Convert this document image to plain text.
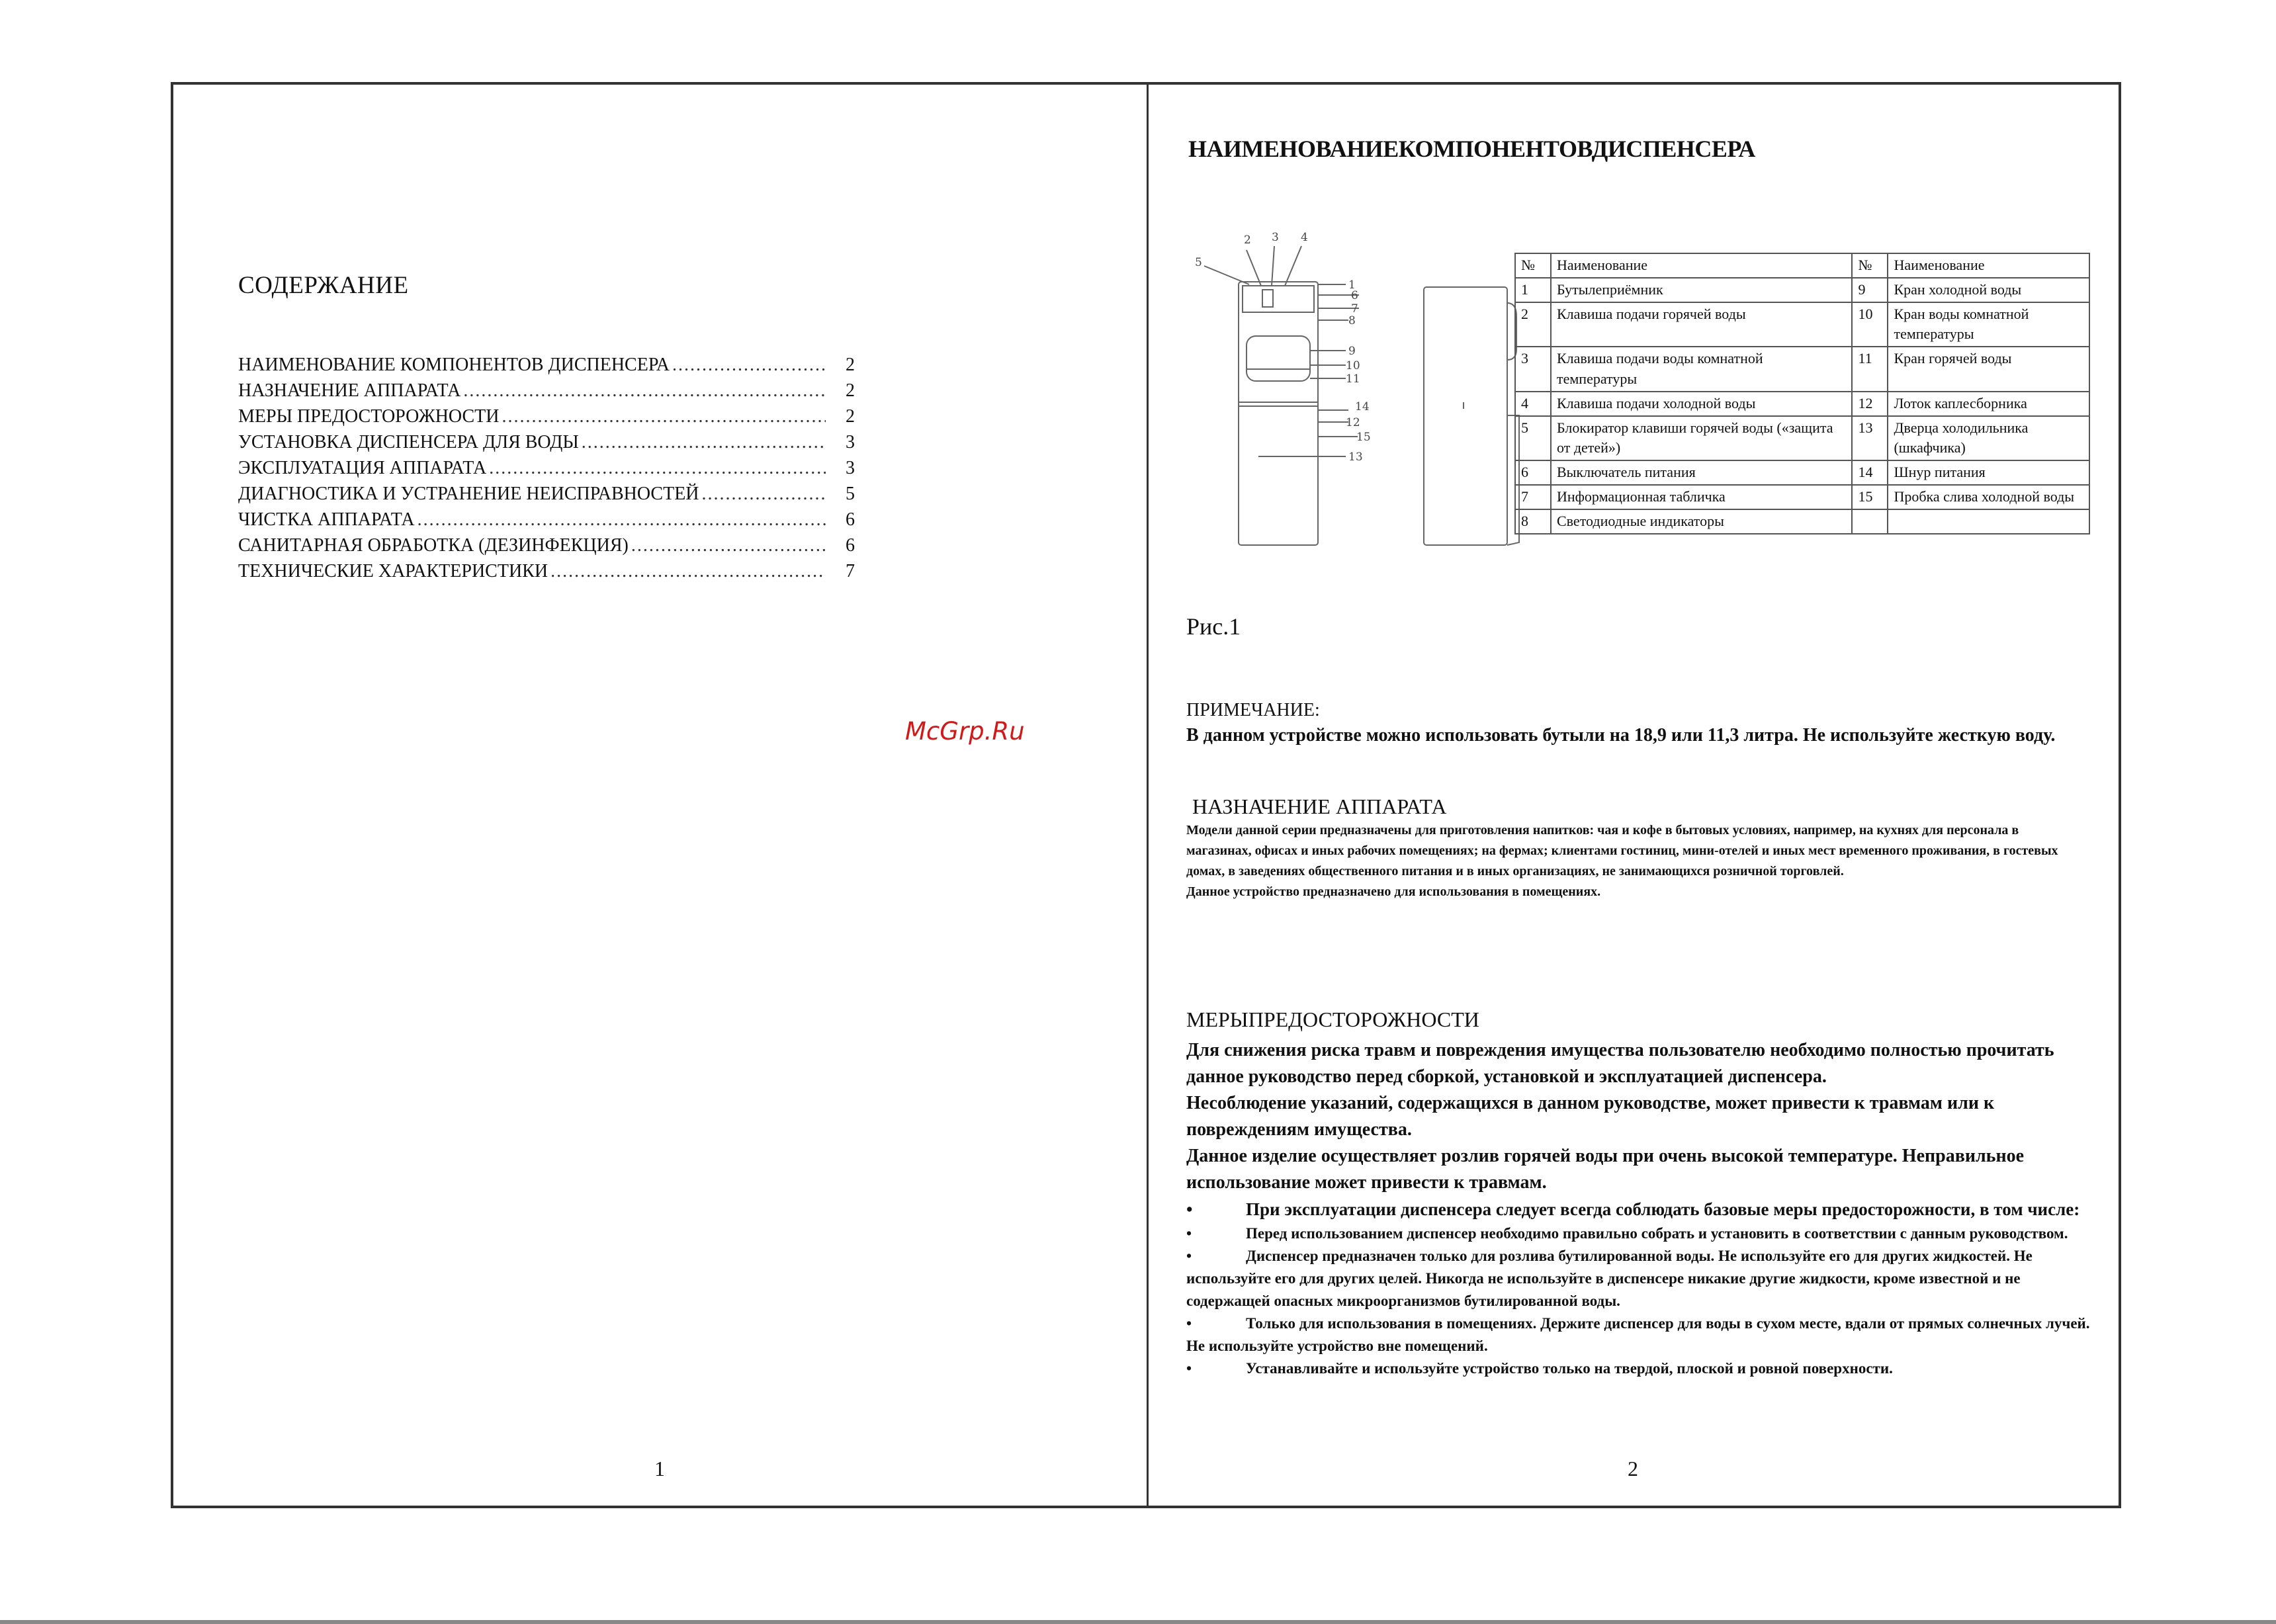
СОДЕРЖАНИЕ
НАИМЕНОВАНИЕ КОМПОНЕНТОВ ДИСПЕНСЕРА .....	2
НАЗНАЧЕНИЕ АППАРАТА .....	2
МЕРЫ ПРЕДОСТОРОЖНОСТИ .....	2
УСТАНОВКА ДИСПЕНСЕРА ДЛЯ ВОДЫ .....	3
ЭКСПЛУАТАЦИЯ АППАРАТА .....	3
ДИАГНОСТИКА И УСТРАНЕНИЕ НЕИСПРАВНОСТЕЙ .....	5
ЧИСТКА АППАРАТА .....	6
САНИТАРНАЯ ОБРАБОТКА (ДЕЗИНФЕКЦИЯ) .....	6
ТЕХНИЧЕСКИЕ ХАРАКТЕРИСТИКИ .....	7
1
НАИМЕНОВАНИЕКОМПОНЕНТОВДИСПЕНСЕРА
2 3 4
5
1
6
7
8
9
10
11
14
12
15
13
№	Наименование	№	Наименование
1	Бутылеприёмник	9	Кран холодной воды
2	Клавиша подачи горячей воды	10	Кран воды комнатной температуры
3	Клавиша подачи воды комнатной температуры	11	Кран горячей воды
4	Клавиша подачи холодной воды	12	Лоток каплесборника
5	Блокиратор клавиши горячей воды («защита от детей»)	13	Дверца холодильника (шкафчика)
6	Выключатель питания	14	Шнур питания
7	Информационная табличка	15	Пробка слива холодной воды
8	Светодиодные индикаторы		
Рис.1
ПРИМЕЧАНИЕ:
В данном устройстве можно использовать бутыли на 18,9 или 11,3 литра. Не используйте жесткую воду.
НАЗНАЧЕНИЕ АППАРАТА

Модели данной серии предназначены для приготовления напитков: чая и кофе в бытовых условиях, например, на кухнях для персонала в магазинах, офисах и иных рабочих помещениях; на фермах; клиентами гостиниц, мини-отелей и иных мест временного проживания, в гостевых домах, в заведениях общественного питания и в иных организациях, не занимающихся розничной торговлей.

Данное устройство предназначено для использования в помещениях.

МЕРЫПРЕДОСТОРОЖНОСТИ

Для снижения риска травм и повреждения имущества пользователю необходимо полностью прочитать данное руководство перед сборкой, установкой и эксплуатацией диспенсера.

Несоблюдение указаний, содержащихся в данном руководстве, может привести к травмам или к повреждениям имущества.

Данное изделие осуществляет розлив горячей воды при очень высокой температуре. Неправильное использование может привести к травмам.

•	При эксплуатации диспенсера следует всегда соблюдать базовые меры предосторожности, в том числе:

•	Перед использованием диспенсер необходимо правильно собрать и установить в соответствии с данным руководством.

•	Диспенсер предназначен только для розлива бутилированной воды. Не используйте его для других жидкостей. Не используйте его для других целей. Никогда не используйте в диспенсере никакие другие жидкости, кроме известной и не содержащей опасных микроорганизмов бутилированной воды.

•	Только для использования в помещениях. Держите диспенсер для воды в сухом месте, вдали от прямых солнечных лучей. Не используйте устройство вне помещений.

•	Устанавливайте и используйте устройство только на твердой, плоской и ровной поверхности.

2
McGrp.Ru
